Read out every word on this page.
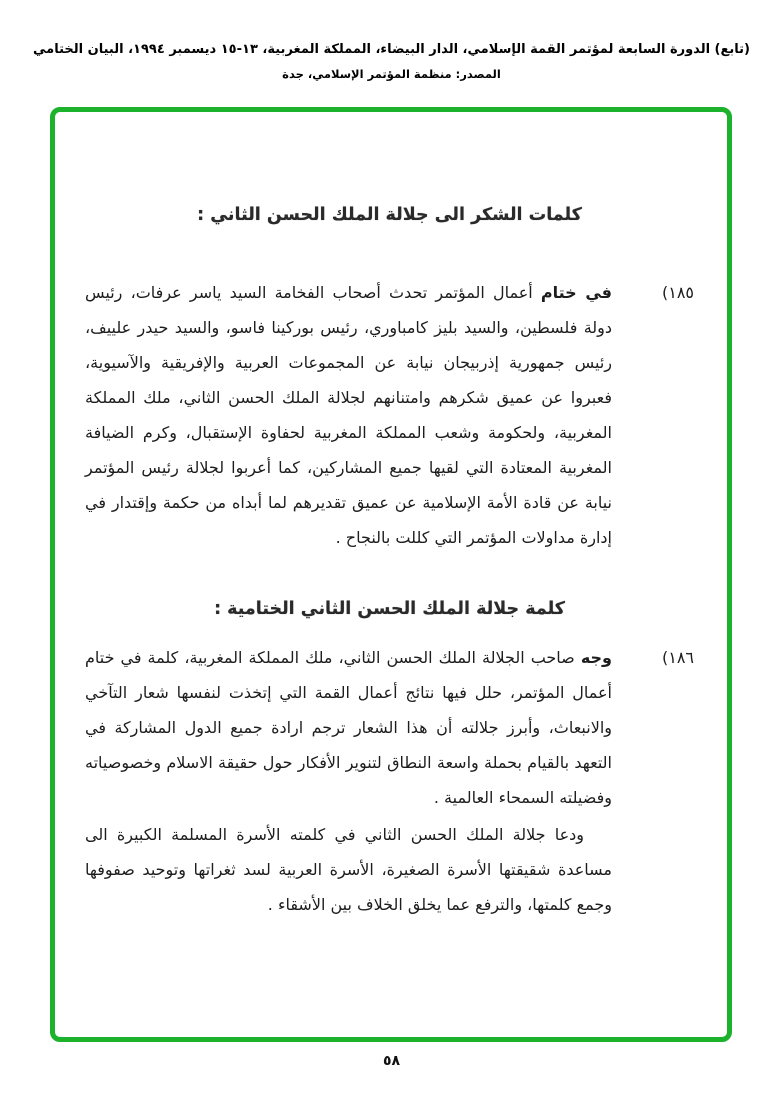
(تابع) الدورة السابعة لمؤتمر القمة الإسلامي، الدار البيضاء، المملكة المغربية، ١٣-١٥ ديسمبر ١٩٩٤، البيان الختامي
المصدر: منظمة المؤتمر الإسلامي، جدة
كلمات الشكر الى جلالة الملك الحسن الثاني :
١٨٥)
في ختام أعمال المؤتمر تحدث أصحاب الفخامة السيد ياسر عرفات، رئيس دولة فلسطين، والسيد بليز كامباوري، رئيس بوركينا فاسو، والسيد حيدر علييف، رئيس جمهورية إذربيجان نيابة عن المجموعات العربية والإفريقية والآسيوية، فعبروا عن عميق شكرهم وامتنانهم لجلالة الملك الحسن الثاني، ملك المملكة المغربية، ولحكومة وشعب المملكة المغربية لحفاوة الإستقبال، وكرم الضيافة المغربية المعتادة التي لقيها جميع المشاركين، كما أعربوا لجلالة رئيس المؤتمر نيابة عن قادة الأمة الإسلامية عن عميق تقديرهم لما أبداه من حكمة وإقتدار في إدارة مداولات المؤتمر التي كللت بالنجاح .
كلمة جلالة الملك الحسن الثاني الختامية :
١٨٦)
وجه صاحب الجلالة الملك الحسن الثاني، ملك المملكة المغربية، كلمة في ختام أعمال المؤتمر، حلل فيها نتائج أعمال القمة التي إتخذت لنفسها شعار التآخي والانبعاث، وأبرز جلالته أن هذا الشعار ترجم ارادة جميع الدول المشاركة في التعهد بالقيام بحملة واسعة النطاق لتنوير الأفكار حول حقيقة الاسلام وخصوصياته وفضيلته السمحاء العالمية .
ودعا جلالة الملك الحسن الثاني في كلمته الأسرة المسلمة الكبيرة الى مساعدة شقيقتها الأسرة الصغيرة، الأسرة العربية لسد ثغراتها وتوحيد صفوفها وجمع كلمتها، والترفع عما يخلق الخلاف بين الأشقاء .
٥٨
